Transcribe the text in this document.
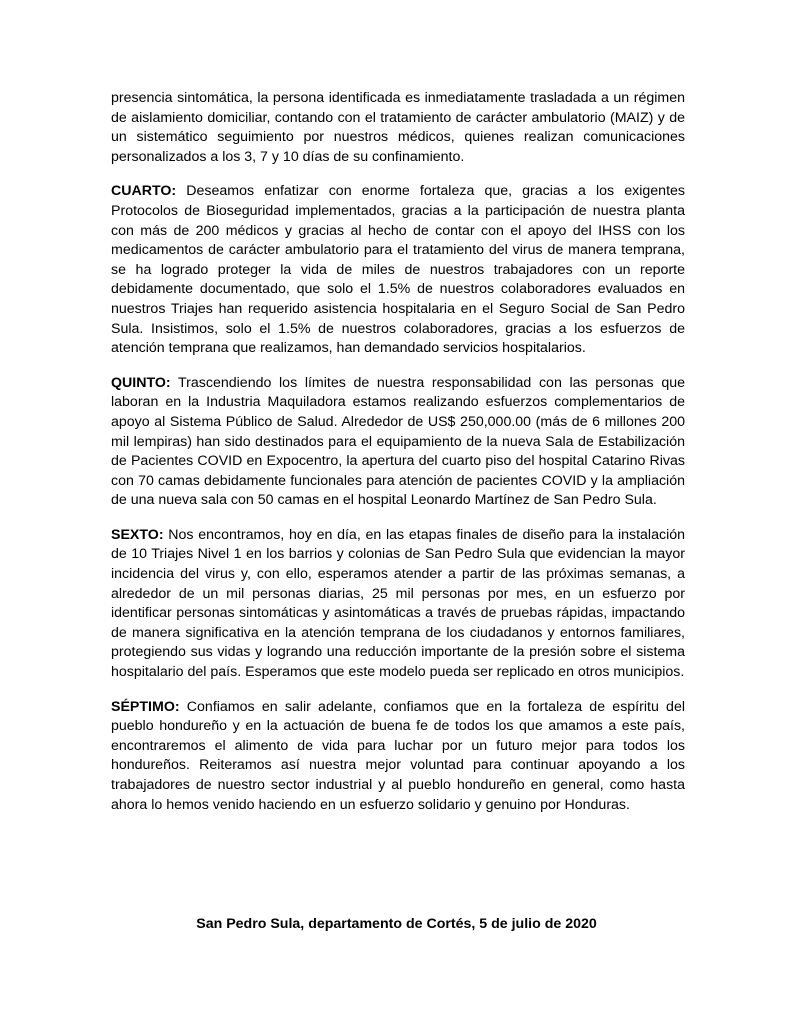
presencia sintomática, la persona identificada es inmediatamente trasladada a un régimen de aislamiento domiciliar, contando con el tratamiento de carácter ambulatorio (MAIZ) y de un sistemático seguimiento por nuestros médicos, quienes realizan comunicaciones personalizados a los 3, 7 y 10 días de su confinamiento.

CUARTO: Deseamos enfatizar con enorme fortaleza que, gracias a los exigentes Protocolos de Bioseguridad implementados, gracias a la participación de nuestra planta con más de 200 médicos y gracias al hecho de contar con el apoyo del IHSS con los medicamentos de carácter ambulatorio para el tratamiento del virus de manera temprana, se ha logrado proteger la vida de miles de nuestros trabajadores con un reporte debidamente documentado, que solo el 1.5% de nuestros colaboradores evaluados en nuestros Triajes han requerido asistencia hospitalaria en el Seguro Social de San Pedro Sula. Insistimos, solo el 1.5% de nuestros colaboradores, gracias a los esfuerzos de atención temprana que realizamos, han demandado servicios hospitalarios.

QUINTO: Trascendiendo los límites de nuestra responsabilidad con las personas que laboran en la Industria Maquiladora estamos realizando esfuerzos complementarios de apoyo al Sistema Público de Salud. Alrededor de US$ 250,000.00 (más de 6 millones 200 mil lempiras) han sido destinados para el equipamiento de la nueva Sala de Estabilización de Pacientes COVID en Expocentro, la apertura del cuarto piso del hospital Catarino Rivas con 70 camas debidamente funcionales para atención de pacientes COVID y la ampliación de una nueva sala con 50 camas en el hospital Leonardo Martínez de San Pedro Sula.

SEXTO: Nos encontramos, hoy en día, en las etapas finales de diseño para la instalación de 10 Triajes Nivel 1 en los barrios y colonias de San Pedro Sula que evidencian la mayor incidencia del virus y, con ello, esperamos atender a partir de las próximas semanas, a alrededor de un mil personas diarias, 25 mil personas por mes, en un esfuerzo por identificar personas sintomáticas y asintomáticas a través de pruebas rápidas, impactando de manera significativa en la atención temprana de los ciudadanos y entornos familiares, protegiendo sus vidas y logrando una reducción importante de la presión sobre el sistema hospitalario del país. Esperamos que este modelo pueda ser replicado en otros municipios.

SÉPTIMO: Confiamos en salir adelante, confiamos que en la fortaleza de espíritu del pueblo hondureño y en la actuación de buena fe de todos los que amamos a este país, encontraremos el alimento de vida para luchar por un futuro mejor para todos los hondureños. Reiteramos así nuestra mejor voluntad para continuar apoyando a los trabajadores de nuestro sector industrial y al pueblo hondureño en general, como hasta ahora lo hemos venido haciendo en un esfuerzo solidario y genuino por Honduras.

San Pedro Sula, departamento de Cortés, 5 de julio de 2020
